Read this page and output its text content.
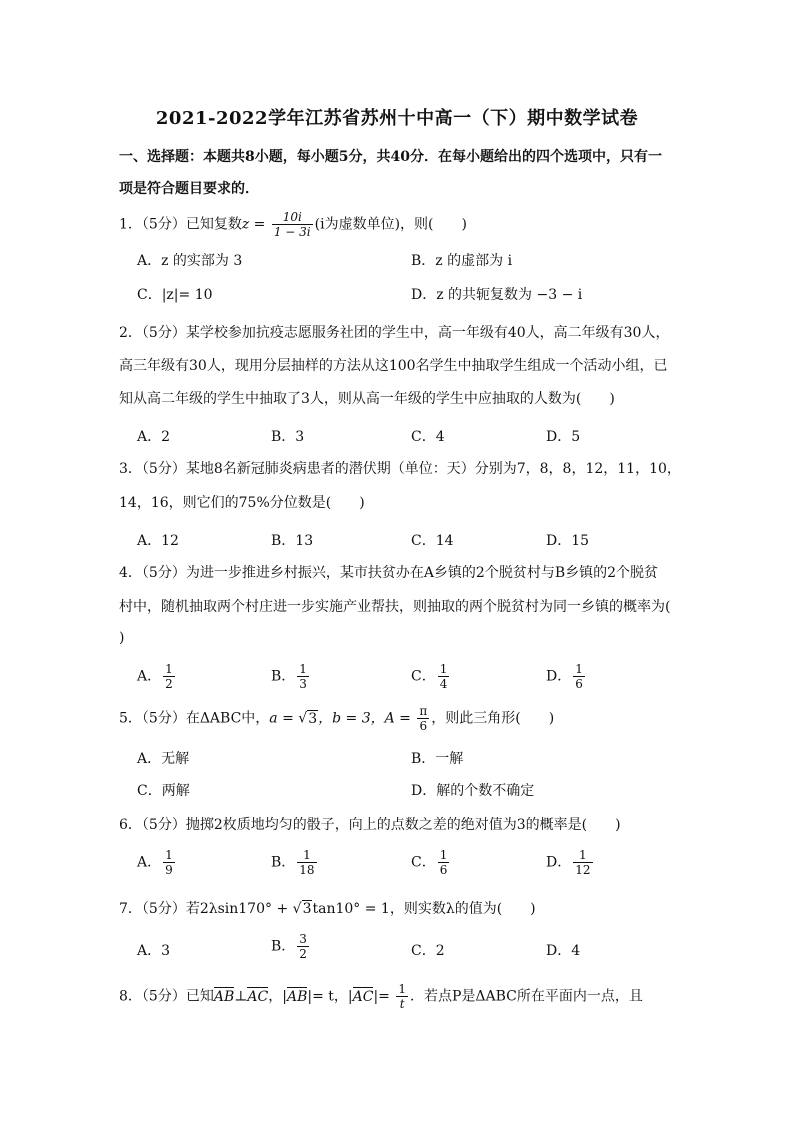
2021-2022学年江苏省苏州十中高一（下）期中数学试卷
一、选择题：本题共8小题，每小题5分，共40分．在每小题给出的四个选项中，只有一
项是符合题目要求的．
1．（5分）已知复数$z = \frac{10i}{1 - 3i} (i$为虚数单位)，则(　　)
A．z 的实部为 3	B．z 的虚部为 i
C．|z|= 10	D．z 的共轭复数为 −3 − i
2．（5分）某学校参加抗疫志愿服务社团的学生中，高一年级有40人，高二年级有30人，
高三年级有30人，现用分层抽样的方法从这100名学生中抽取学生组成一个活动小组，已
知从高二年级的学生中抽取了3人，则从高一年级的学生中应抽取的人数为(　　)
A．2	B．3	C．4	D．5
3．（5分）某地8名新冠肺炎病患者的潜伏期（单位：天）分别为7，8，8，12，11，10，
14，16，则它们的75%分位数是(　　)
A．12	B．13	C．14	D．15
4．（5分）为进一步推进乡村振兴，某市扶贫办在A乡镇的2个脱贫村与B乡镇的2个脱贫
村中，随机抽取两个村庄进一步实施产业帮扶，则抽取的两个脱贫村为同一乡镇的概率为(
)
A． $\frac{1}{2}$	B． $\frac{1}{3}$	C． $\frac{1}{4}$	D． $\frac{1}{6}$
5．（5分）在ΔABC中，a = √3，b = 3，$A = \frac{\pi}{6}$ ，则此三角形(　　)
A．无解	B．一解
C．两解	D．解的个数不确定
6．（5分）抛掷2枚质地均匀的骰子，向上的点数之差的绝对值为3的概率是(　　)
A． $\frac{1}{9}$	B． $\frac{1}{18}$	C． $\frac{1}{6}$	D． $\frac{1}{12}$
7．（5分）若2λsin170° + √3tan10° = 1，则实数λ的值为(　　)
A．3	B． $\frac{3}{2}$	C．2	D．4
8．（5分）已知AB⊥AC，|AB|= t，$|AC|= \frac{1}{t}$ ．若点P是ΔABC所在平面内一点，且
